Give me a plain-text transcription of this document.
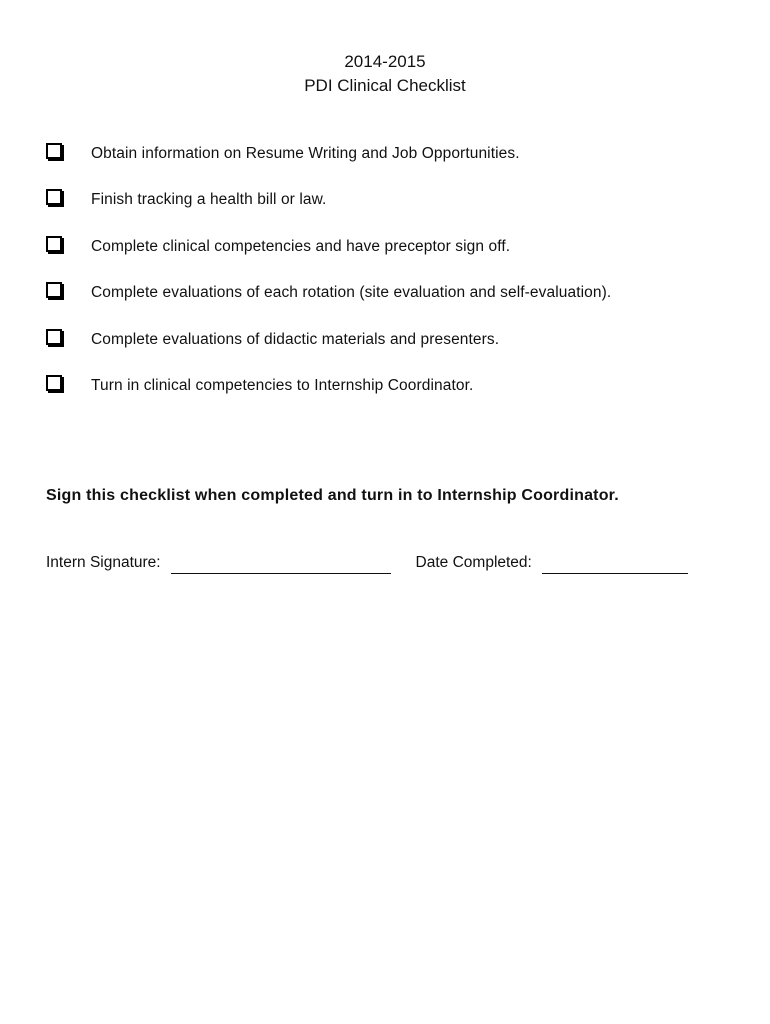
2014-2015
PDI Clinical Checklist
Obtain information on Resume Writing and Job Opportunities.
Finish tracking a health bill or law.
Complete clinical competencies and have preceptor sign off.
Complete evaluations of each rotation (site evaluation and self-evaluation).
Complete evaluations of didactic materials and presenters.
Turn in clinical competencies to Internship Coordinator.
Sign this checklist when completed and turn in to Internship Coordinator.
Intern Signature:	Date Completed:
